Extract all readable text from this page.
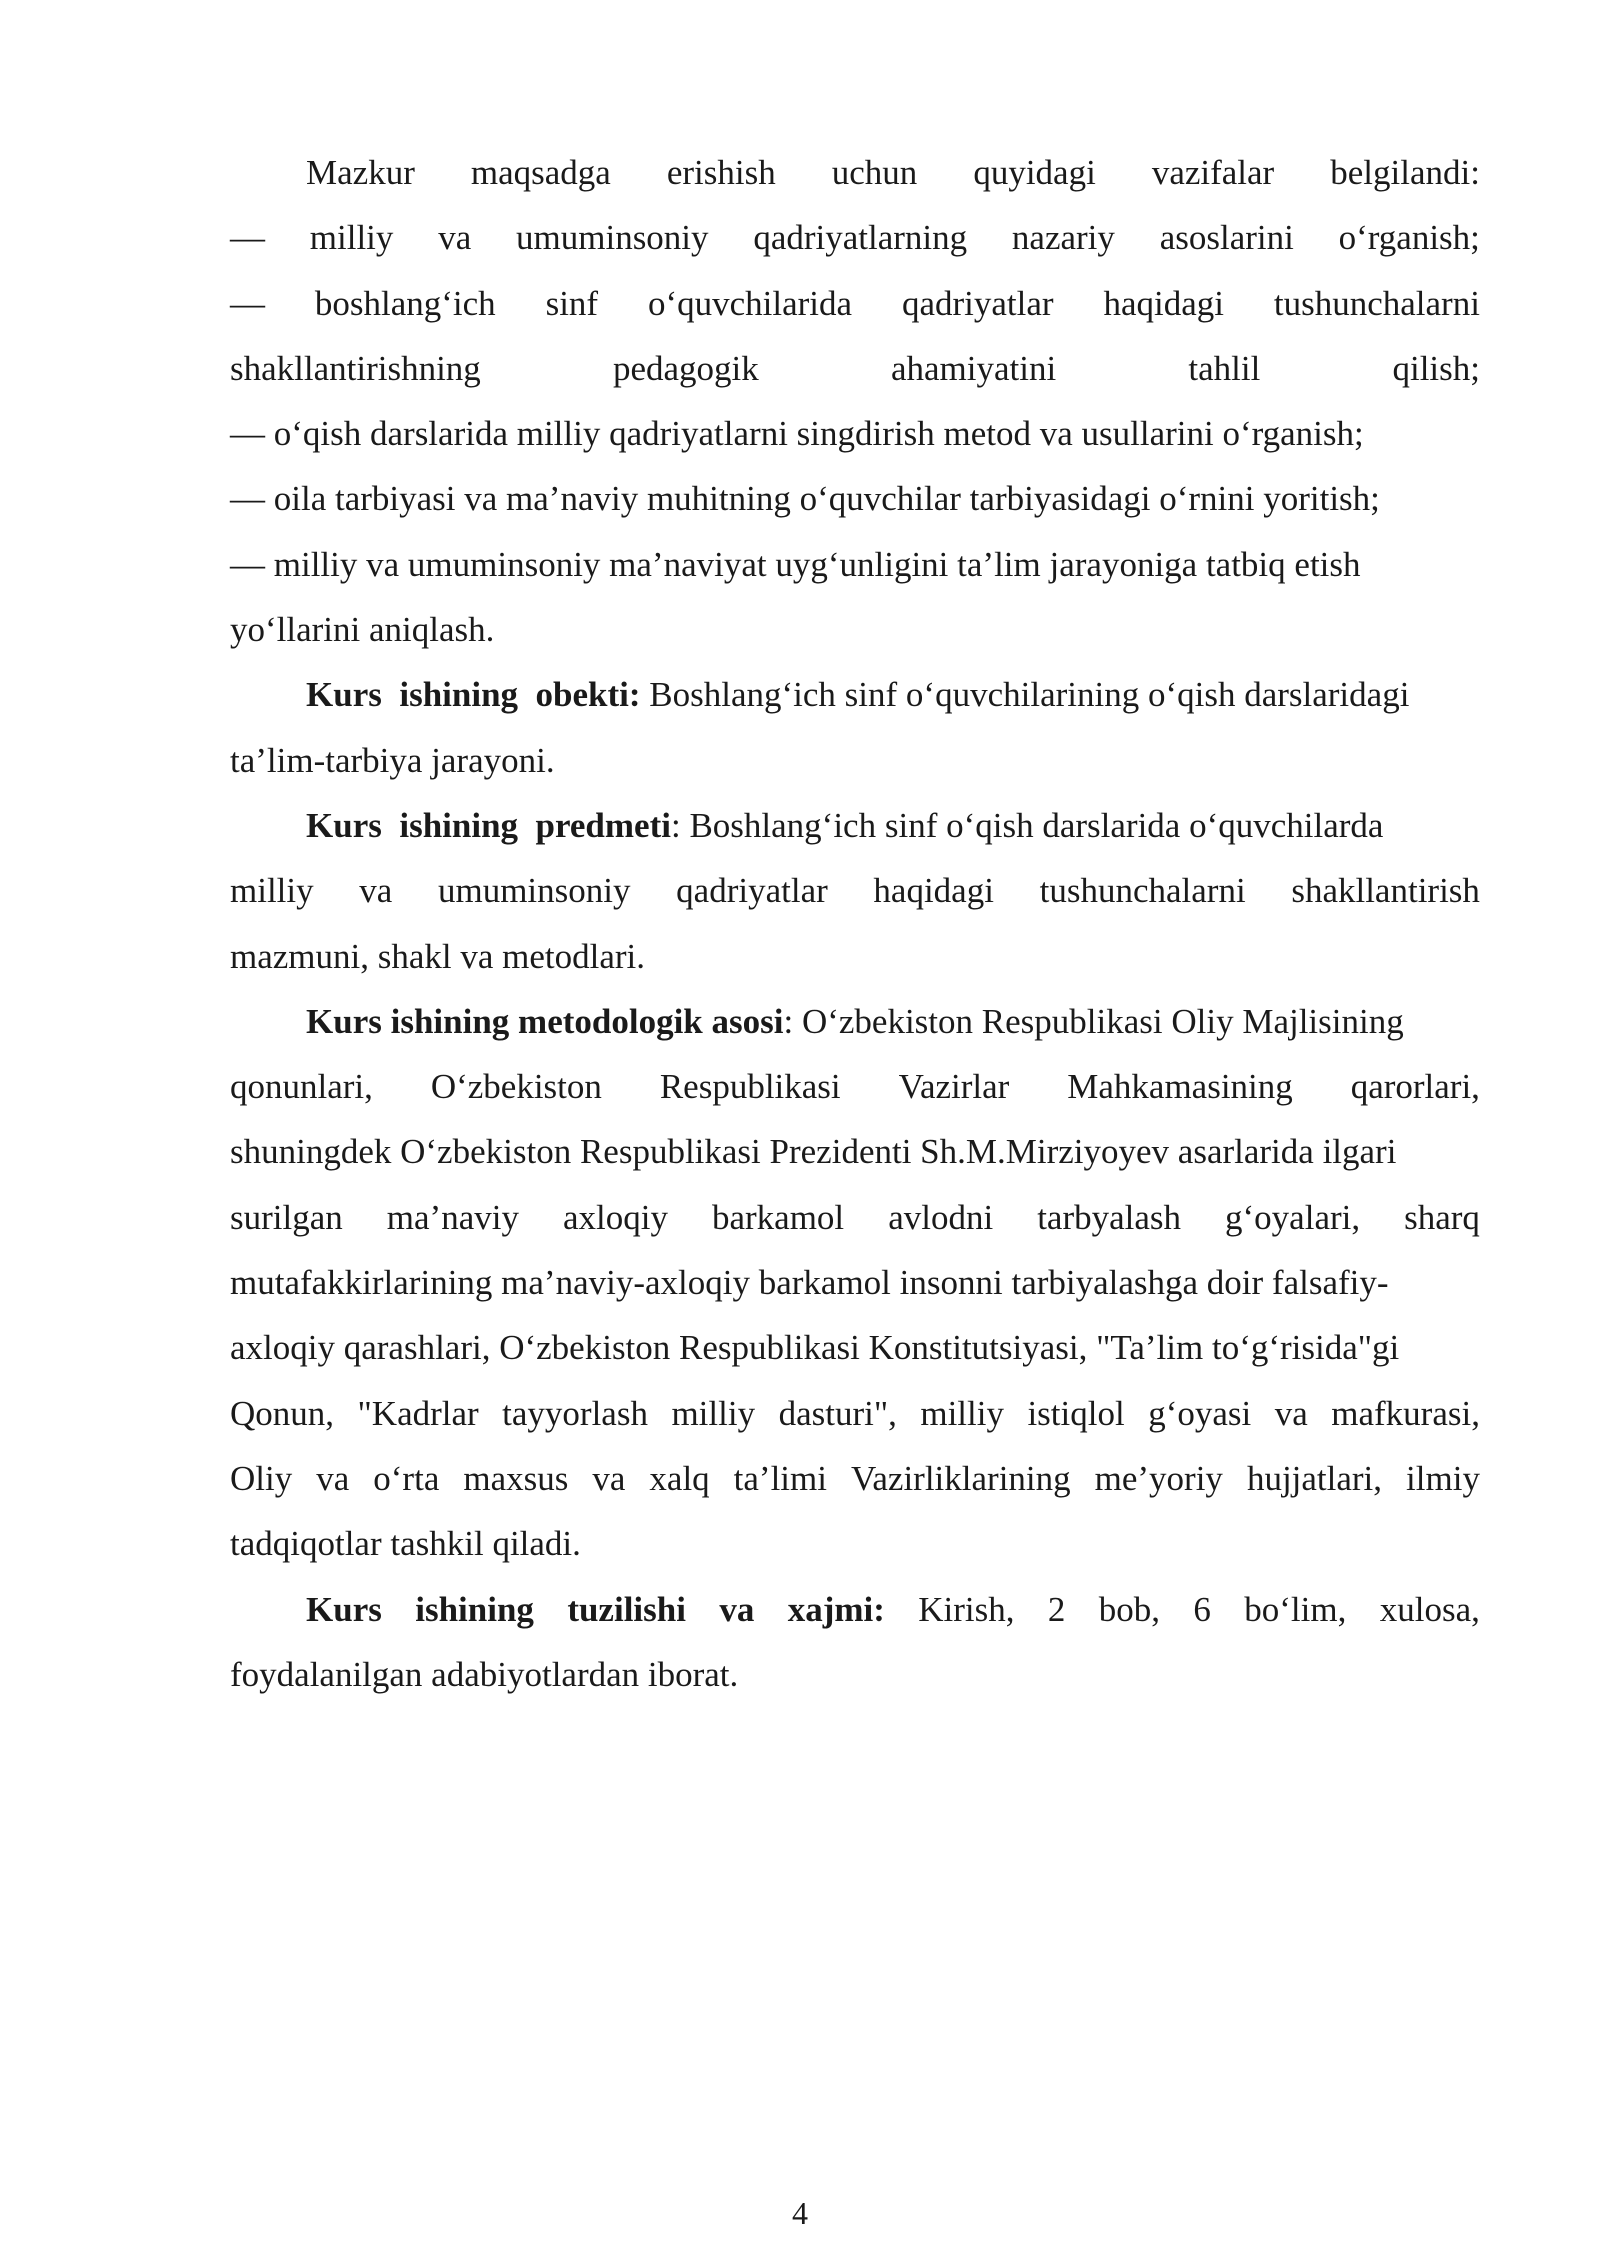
Mazkur maqsadga erishish uchun quyidagi vazifalar belgilandi:
— milliy va umuminsoniy qadriyatlarning nazariy asoslarini o‘rganish;
— boshlang‘ich sinf o‘quvchilarida qadriyatlar haqidagi tushunchalarni
shakllantirishning	pedagogik	ahamiyatini	tahlil	qilish;
— o‘qish darslarida milliy qadriyatlarni singdirish metod va usullarini o‘rganish;
— oila tarbiyasi va ma’naviy muhitning o‘quvchilar tarbiyasidagi o‘rnini yoritish;
— milliy va umuminsoniy ma’naviyat uyg‘unligini ta’lim jarayoniga tatbiq etish
yo‘llarini aniqlash.
Kurs  ishining  obekti: Boshlang‘ich sinf o‘quvchilarining o‘qish darslaridagi
ta’lim-tarbiya jarayoni.
Kurs  ishining  predmeti: Boshlang‘ich sinf o‘qish darslarida o‘quvchilarda
milliy va umuminsoniy qadriyatlar haqidagi tushunchalarni shakllantirish
mazmuni, shakl va metodlari.
Kurs ishining metodologik asosi: O‘zbekiston Respublikasi Oliy Majlisining
qonunlari, O‘zbekiston Respublikasi Vazirlar Mahkamasining qarorlari,
shuningdek O‘zbekiston Respublikasi Prezidenti Sh.M.Mirziyoyev asarlarida ilgari
surilgan ma’naviy axloqiy barkamol avlodni tarbyalash g‘oyalari, sharq
mutafakkirlarining ma’naviy-axloqiy barkamol insonni tarbiyalashga doir falsafiy-
axloqiy qarashlari, O‘zbekiston Respublikasi Konstitutsiyasi, "Ta’lim to‘g‘risida"gi
Qonun, "Kadrlar tayyorlash milliy dasturi", milliy istiqlol g‘oyasi va mafkurasi,
Oliy va o‘rta maxsus va xalq ta’limi Vazirliklarining me’yoriy hujjatlari, ilmiy
tadqiqotlar tashkil qiladi.
Kurs ishining tuzilishi va xajmi: Kirish, 2 bob, 6 bo‘lim, xulosa,
foydalanilgan adabiyotlardan iborat.
4
